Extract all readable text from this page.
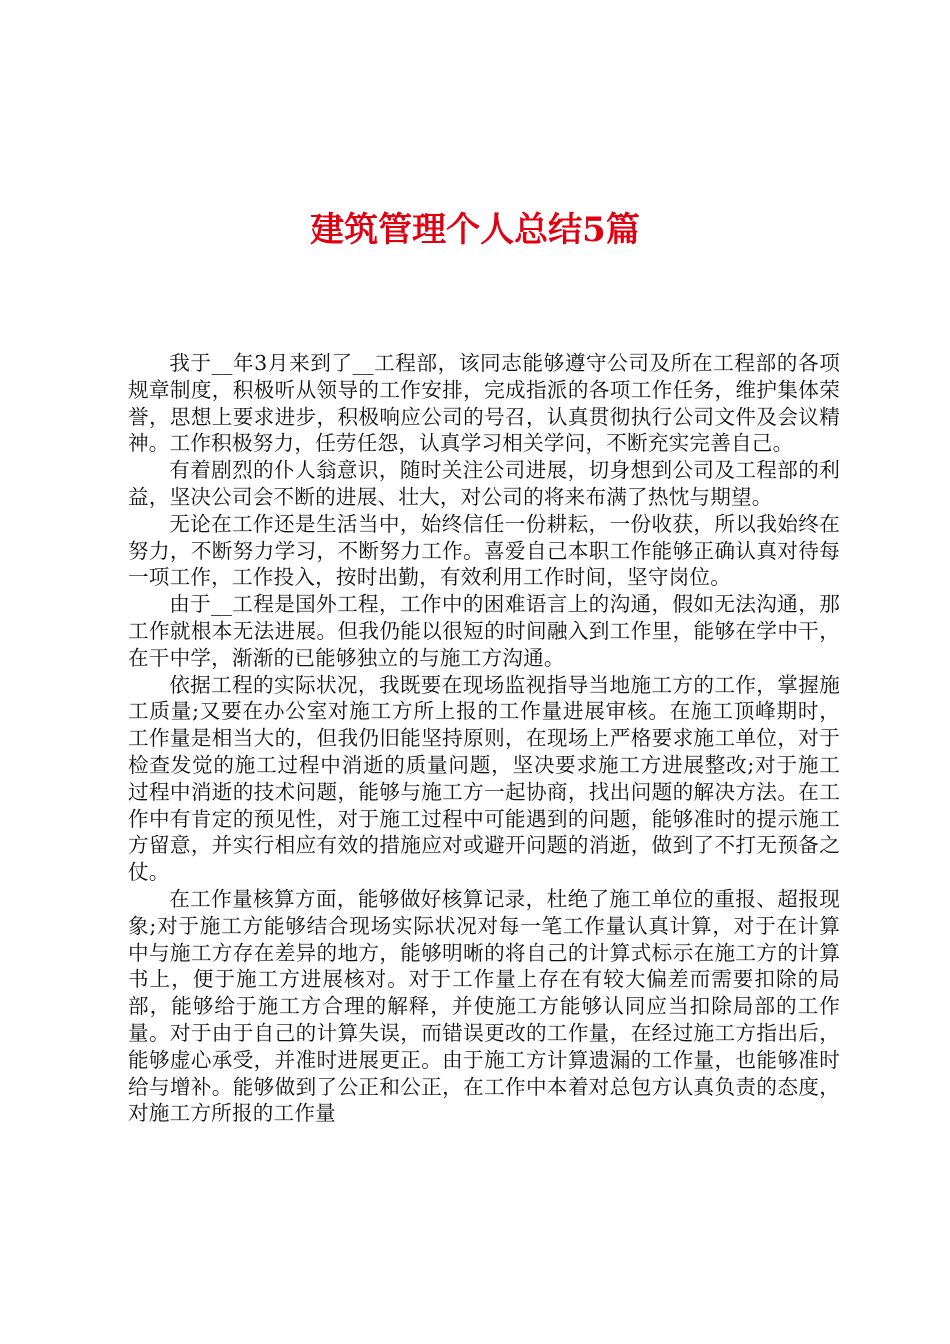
建筑管理个人总结5篇

我于__年3月来到了__工程部，该同志能够遵守公司及所在工程部的各项规章制度，积极听从领导的工作安排，完成指派的各项工作任务，维护集体荣誉，思想上要求进步，积极响应公司的号召，认真贯彻执行公司文件及会议精神。工作积极努力，任劳任怨，认真学习相关学问，不断充实完善自己。

有着剧烈的仆人翁意识，随时关注公司进展，切身想到公司及工程部的利益，坚决公司会不断的进展、壮大，对公司的将来布满了热忱与期望。

无论在工作还是生活当中，始终信任一份耕耘，一份收获，所以我始终在努力，不断努力学习，不断努力工作。喜爱自己本职工作能够正确认真对待每一项工作，工作投入，按时出勤，有效利用工作时间，坚守岗位。

由于__工程是国外工程，工作中的困难语言上的沟通，假如无法沟通，那工作就根本无法进展。但我仍能以很短的时间融入到工作里，能够在学中干，在干中学，渐渐的已能够独立的与施工方沟通。

依据工程的实际状况，我既要在现场监视指导当地施工方的工作，掌握施工质量;又要在办公室对施工方所上报的工作量进展审核。在施工顶峰期时，工作量是相当大的，但我仍旧能坚持原则，在现场上严格要求施工单位，对于检查发觉的施工过程中消逝的质量问题，坚决要求施工方进展整改;对于施工过程中消逝的技术问题，能够与施工方一起协商，找出问题的解决方法。在工作中有肯定的预见性，对于施工过程中可能遇到的问题，能够准时的提示施工方留意，并实行相应有效的措施应对或避开问题的消逝，做到了不打无预备之仗。

在工作量核算方面，能够做好核算记录，杜绝了施工单位的重报、超报现象;对于施工方能够结合现场实际状况对每一笔工作量认真计算，对于在计算中与施工方存在差异的地方，能够明晰的将自己的计算式标示在施工方的计算书上，便于施工方进展核对。对于工作量上存在有较大偏差而需要扣除的局部，能够给于施工方合理的解释，并使施工方能够认同应当扣除局部的工作量。对于由于自己的计算失误，而错误更改的工作量，在经过施工方指出后，能够虚心承受，并准时进展更正。由于施工方计算遗漏的工作量，也能够准时给与增补。能够做到了公正和公正，在工作中本着对总包方认真负责的态度，对施工方所报的工作量
